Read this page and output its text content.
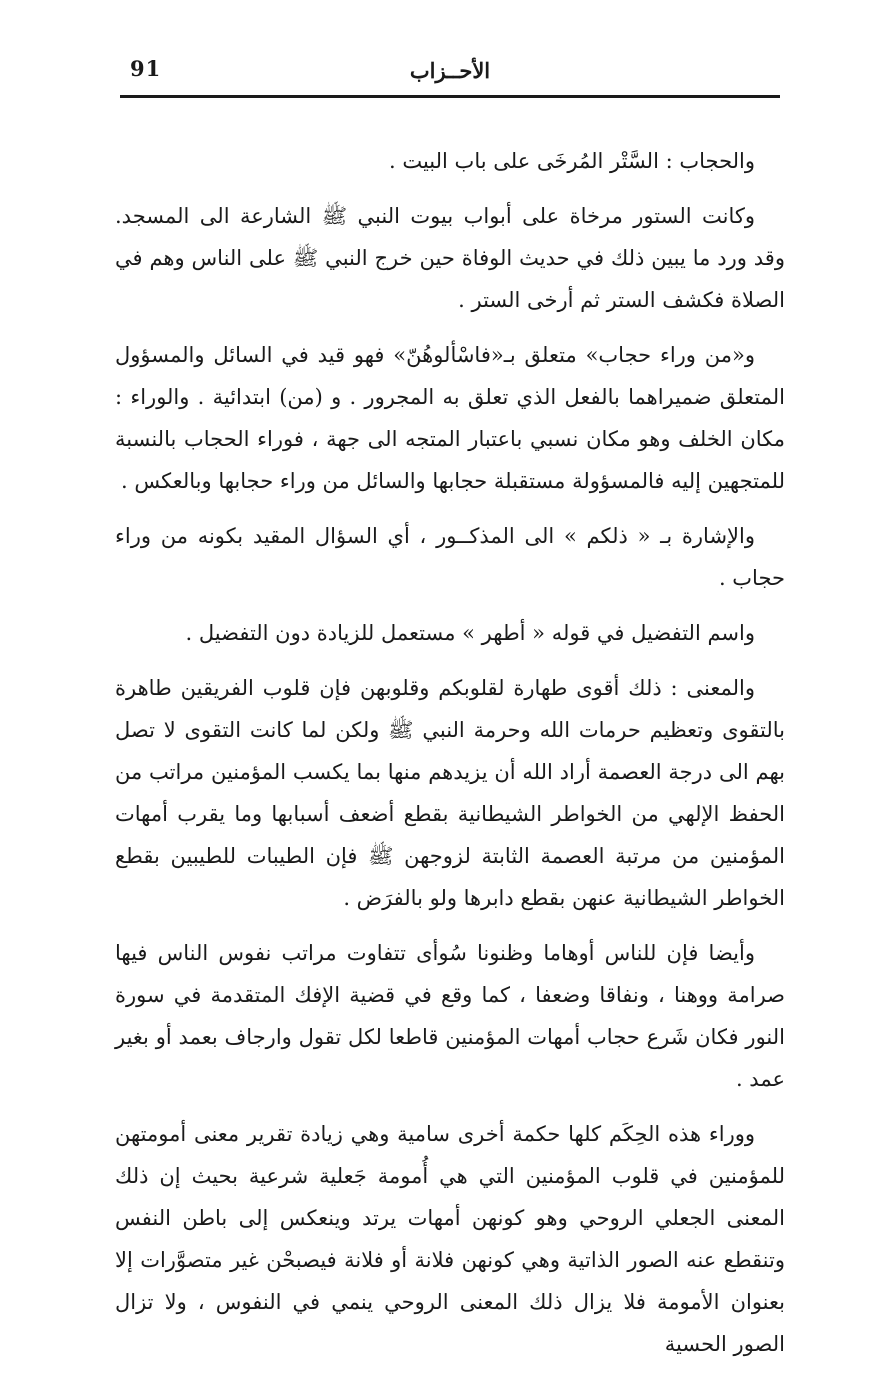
91	الأحــزاب

والحجاب : السَّتْر المُرخَى على باب البيت .

وكانت الستور مرخاة على أبواب بيوت النبي ﷺ الشارعة الى المسجد. وقد ورد ما يبين ذلك في حديث الوفاة حين خرج النبي ﷺ على الناس وهم في الصلاة فكشف الستر ثم أرخى الستر .

و«من وراء حجاب» متعلق بـ«فاسْألوهُنّ» فهو قيد في السائل والمسؤول المتعلق ضميراهما بالفعل الذي تعلق به المجرور . و (من) ابتدائية . والوراء : مكان الخلف وهو مكان نسبي باعتبار المتجه الى جهة ، فوراء الحجاب بالنسبة للمتجهين إليه فالمسؤولة مستقبلة حجابها والسائل من وراء حجابها وبالعكس .

والإشارة بـ « ذلكم » الى المذكــور ، أي السؤال المقيد بكونه من وراء حجاب .

واسم التفضيل في قوله « أطهر » مستعمل للزيادة دون التفضيل .

والمعنى : ذلك أقوى طهارة لقلوبكم وقلوبهن فإن قلوب الفريقين طاهرة بالتقوى وتعظيم حرمات الله وحرمة النبي ﷺ ولكن لما كانت التقوى لا تصل بهم الى درجة العصمة أراد الله أن يزيدهم منها بما يكسب المؤمنين مراتب من الحفظ الإلهي من الخواطر الشيطانية بقطع أضعف أسبابها وما يقرب أمهات المؤمنين من مرتبة العصمة الثابتة لزوجهن ﷺ فإن الطيبات للطيبين بقطع الخواطر الشيطانية عنهن بقطع دابرها ولو بالفرَض .

وأيضا فإن للناس أوهاما وظنونا سُوأى تتفاوت مراتب نفوس الناس فيها صرامة ووهنا ، ونفاقا وضعفا ، كما وقع في قضية الإفك المتقدمة في سورة النور فكان شَرع حجاب أمهات المؤمنين قاطعا لكل تقول وارجاف بعمد أو بغير عمد .

ووراء هذه الحِكَم كلها حكمة أخرى سامية وهي زيادة تقرير معنى أمومتهن للمؤمنين في قلوب المؤمنين التي هي أُمومة جَعلية شرعية بحيث إن ذلك المعنى الجعلي الروحي وهو كونهن أمهات يرتد وينعكس إلى باطن النفس وتنقطع عنه الصور الذاتية وهي كونهن فلانة أو فلانة فيصبحْن غير متصوَّرات إلا بعنوان الأمومة فلا يزال ذلك المعنى الروحي ينمي في النفوس ، ولا تزال الصور الحسية
